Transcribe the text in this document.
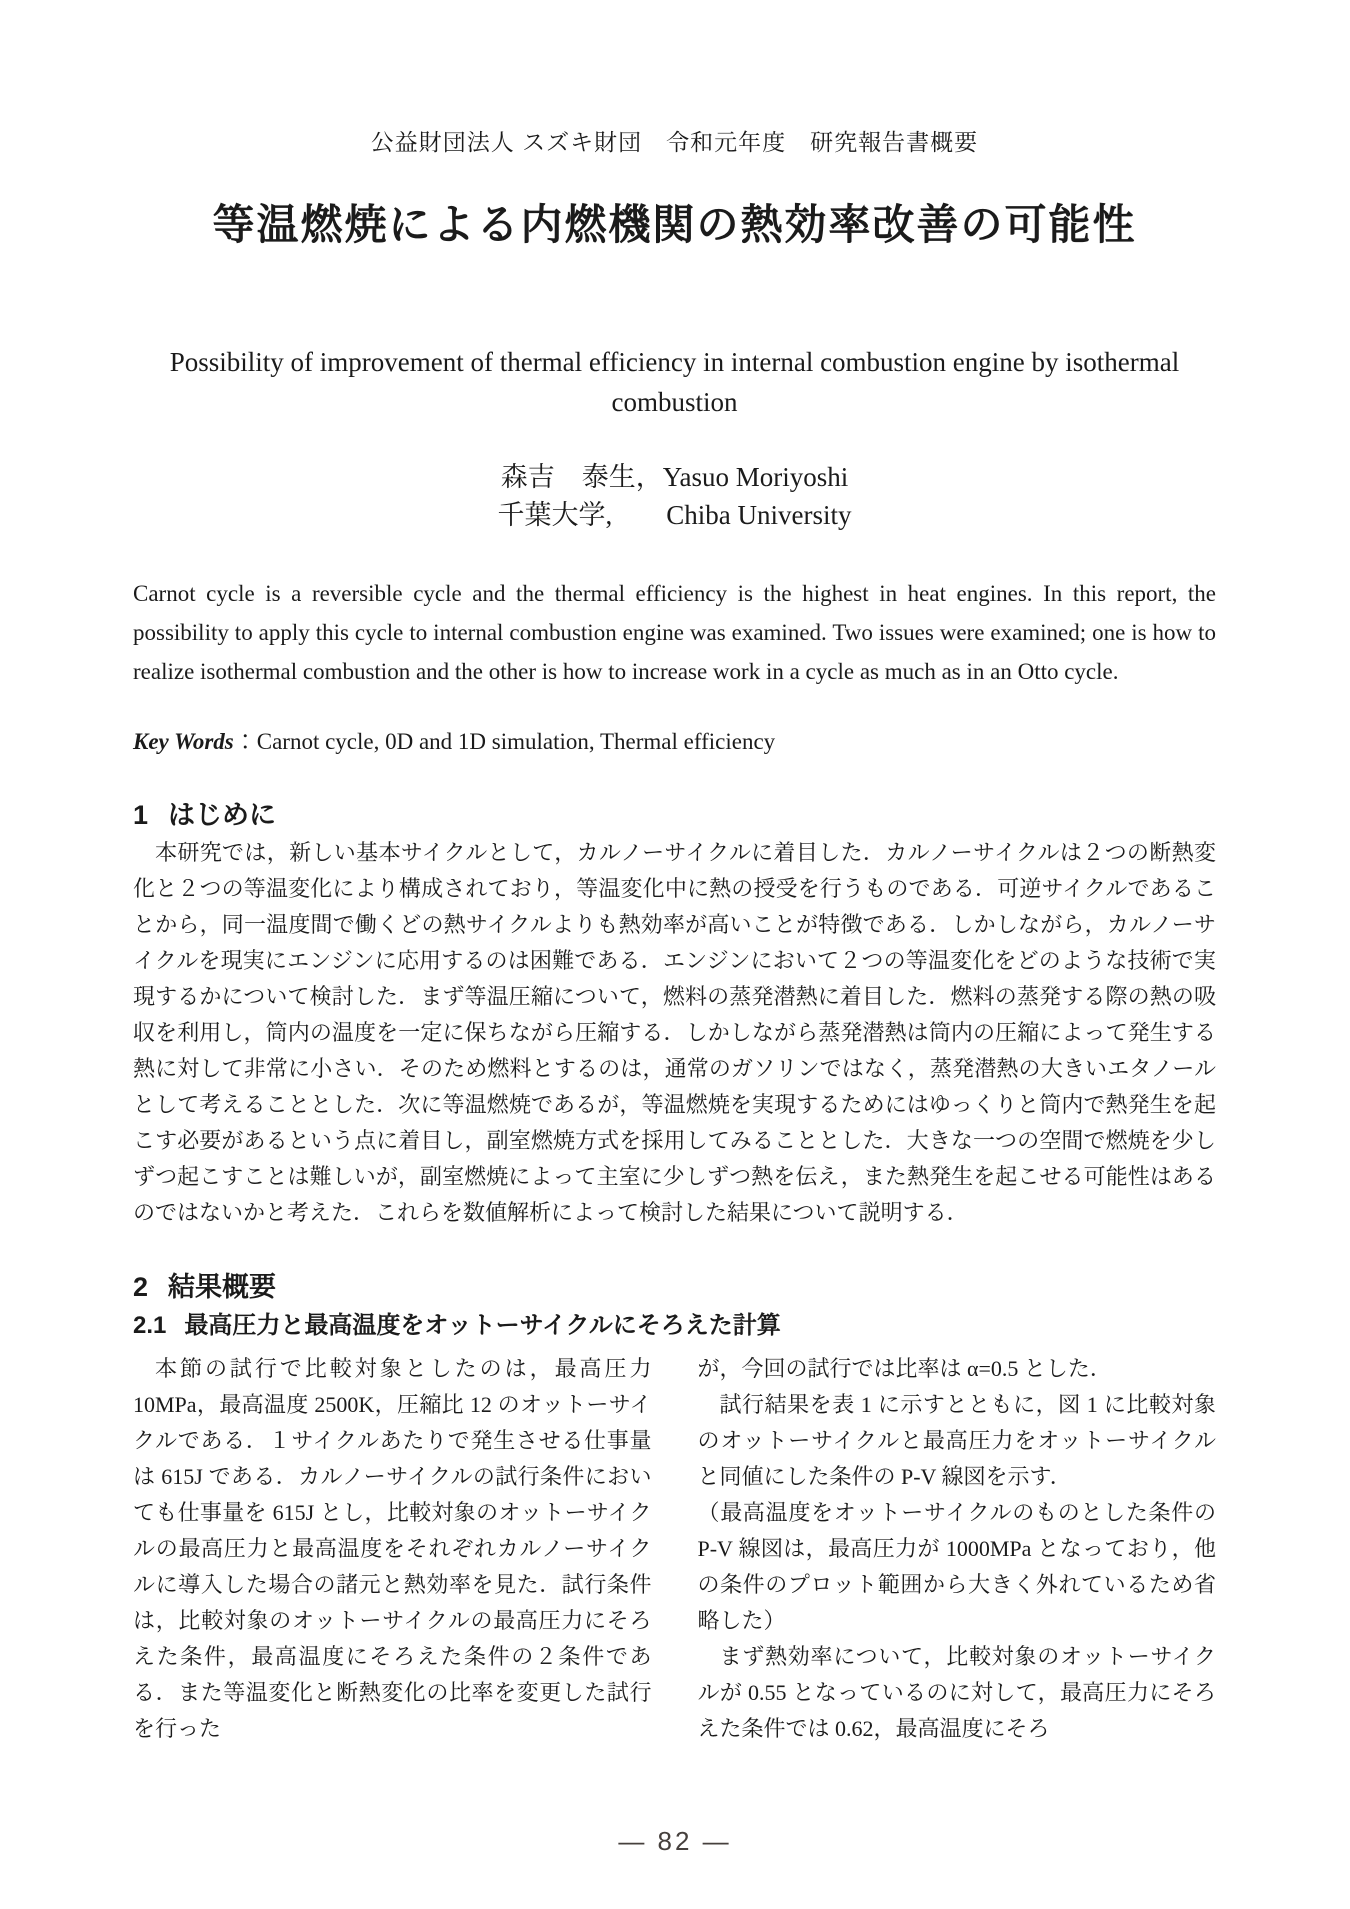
公益財団法人 スズキ財団　令和元年度　研究報告書概要
等温燃焼による内燃機関の熱効率改善の可能性
Possibility of improvement of thermal efficiency in internal combustion engine by isothermal combustion
森吉　泰生，Yasuo Moriyoshi
千葉大学,　　Chiba University
Carnot cycle is a reversible cycle and the thermal efficiency is the highest in heat engines. In this report, the possibility to apply this cycle to internal combustion engine was examined. Two issues were examined; one is how to realize isothermal combustion and the other is how to increase work in a cycle as much as in an Otto cycle.
Key Words：Carnot cycle, 0D and 1D simulation, Thermal efficiency
1 はじめに

本研究では，新しい基本サイクルとして，カルノーサイクルに着目した．カルノーサイクルは２つの断熱変化と２つの等温変化により構成されており，等温変化中に熱の授受を行うものである．可逆サイクルであることから，同一温度間で働くどの熱サイクルよりも熱効率が高いことが特徴である．しかしながら，カルノーサイクルを現実にエンジンに応用するのは困難である．エンジンにおいて２つの等温変化をどのような技術で実現するかについて検討した．まず等温圧縮について，燃料の蒸発潜熱に着目した．燃料の蒸発する際の熱の吸収を利用し，筒内の温度を一定に保ちながら圧縮する．しかしながら蒸発潜熱は筒内の圧縮によって発生する熱に対して非常に小さい．そのため燃料とするのは，通常のガソリンではなく，蒸発潜熱の大きいエタノールとして考えることとした．次に等温燃焼であるが，等温燃焼を実現するためにはゆっくりと筒内で熱発生を起こす必要があるという点に着目し，副室燃焼方式を採用してみることとした．大きな一つの空間で燃焼を少しずつ起こすことは難しいが，副室燃焼によって主室に少しずつ熱を伝え，また熱発生を起こせる可能性はあるのではないかと考えた．これらを数値解析によって検討した結果について説明する．

2 結果概要
2.1 最高圧力と最高温度をオットーサイクルにそろえた計算

本節の試行で比較対象としたのは，最高圧力 10MPa，最高温度 2500K，圧縮比 12 のオットーサイクルである．１サイクルあたりで発生させる仕事量は 615J である．カルノーサイクルの試行条件においても仕事量を 615J とし，比較対象のオットーサイクルの最高圧力と最高温度をそれぞれカルノーサイクルに導入した場合の諸元と熱効率を見た．試行条件は，比較対象のオットーサイクルの最高圧力にそろえた条件，最高温度にそろえた条件の２条件である．また等温変化と断熱変化の比率を変更した試行を行った

が，今回の試行では比率は α=0.5 とした．

試行結果を表 1 に示すとともに，図 1 に比較対象のオットーサイクルと最高圧力をオットーサイクルと同値にした条件の P-V 線図を示す．

（最高温度をオットーサイクルのものとした条件の P-V 線図は，最高圧力が 1000MPa となっており，他の条件のプロット範囲から大きく外れているため省略した）

まず熱効率について，比較対象のオットーサイクルが 0.55 となっているのに対して，最高圧力にそろえた条件では 0.62，最高温度にそろ

― 82 ―
